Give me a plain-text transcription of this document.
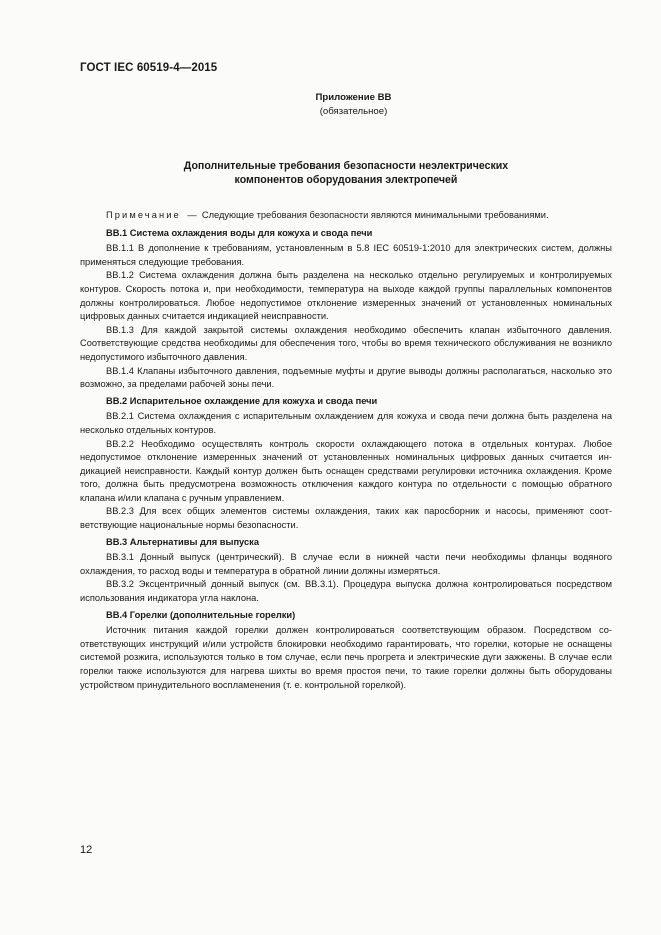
ГОСТ IEC 60519-4—2015
Приложение ВВ
(обязательное)
Дополнительные требования безопасности неэлектрических
компонентов оборудования электропечей

Примечание — Следующие требования безопасности являются минимальными требованиями.

ВВ.1 Система охлаждения воды для кожуха и свода печи

ВВ.1.1 В дополнение к требованиям, установленным в 5.8 IEC 60519-1:2010 для электрических систем, должны применяться следующие требования.

ВВ.1.2 Система охлаждения должна быть разделена на несколько отдельно регулируемых и контролируемых контуров. Скорость потока и, при необходимости, температура на выходе каждой группы параллельных компонентов должны контролироваться. Любое недопустимое отклонение измеренных значений от установленных номинальных цифровых данных считается индикацией неисправности.

ВВ.1.3 Для каждой закрытой системы охлаждения необходимо обеспечить клапан избыточного давления. Соответствующие средства необходимы для обеспечения того, чтобы во время технического обслуживания не возникло недопустимого избыточного давления.

ВВ.1.4 Клапаны избыточного давления, подъемные муфты и другие выводы должны располагаться, насколько это возможно, за пределами рабочей зоны печи.

ВВ.2 Испарительное охлаждение для кожуха и свода печи

ВВ.2.1 Система охлаждения с испарительным охлаждением для кожуха и свода печи должна быть разделена на несколько отдельных контуров.

ВВ.2.2 Необходимо осуществлять контроль скорости охлаждающего потока в отдельных контурах. Любое недопустимое отклонение измеренных значений от установленных номинальных цифровых данных считается индикацией неисправности. Каждый контур должен быть оснащен средствами регулировки источника охлаждения. Кроме того, должна быть предусмотрена возможность отключения каждого контура по отдельности с помощью обратного клапана и/или клапана с ручным управлением.

ВВ.2.3 Для всех общих элементов системы охлаждения, таких как паросборник и насосы, применяют соответствующие национальные нормы безопасности.

ВВ.3 Альтернативы для выпуска

ВВ.3.1 Донный выпуск (центрический). В случае если в нижней части печи необходимы фланцы водяного охлаждения, то расход воды и температура в обратной линии должны измеряться.

ВВ.3.2 Эксцентричный донный выпуск (см. ВВ.3.1). Процедура выпуска должна контролироваться посредством использования индикатора угла наклона.

ВВ.4 Горелки (дополнительные горелки)

Источник питания каждой горелки должен контролироваться соответствующим образом. Посредством соответствующих инструкций и/или устройств блокировки необходимо гарантировать, что горелки, которые не оснащены системой розжига, используются только в том случае, если печь прогрета и электрические дуги зажжены. В случае если горелки также используются для нагрева шихты во время простоя печи, то такие горелки должны быть оборудованы устройством принудительного воспламенения (т. е. контрольной горелкой).

12
